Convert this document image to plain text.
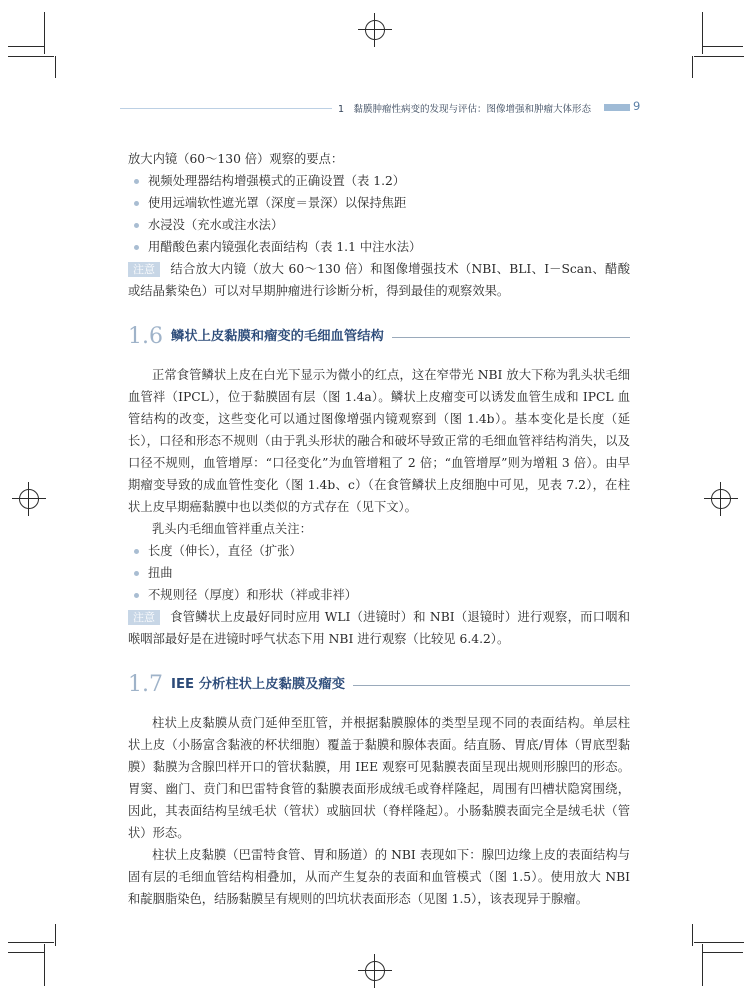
1　黏膜肿瘤性病变的发现与评估：图像增强和肿瘤大体形态	9

放大内镜（60～130 倍）观察的要点：

视频处理器结构增强模式的正确设置（表 1.2）
使用远端软性遮光罩（深度＝景深）以保持焦距
水浸没（充水或注水法）
用醋酸色素内镜强化表面结构（表 1.1 中注水法）

注意 结合放大内镜（放大 60～130 倍）和图像增强技术（NBI、BLI、I－Scan、醋酸或结晶紫染色）可以对早期肿瘤进行诊断分析，得到最佳的观察效果。

1.6 鳞状上皮黏膜和瘤变的毛细血管结构

正常食管鳞状上皮在白光下显示为微小的红点，这在窄带光 NBI 放大下称为乳头状毛细血管袢（IPCL），位于黏膜固有层（图 1.4a）。鳞状上皮瘤变可以诱发血管生成和 IPCL 血管结构的改变，这些变化可以通过图像增强内镜观察到（图 1.4b）。基本变化是长度（延长），口径和形态不规则（由于乳头形状的融合和破坏导致正常的毛细血管袢结构消失，以及口径不规则，血管增厚：“口径变化”为血管增粗了 2 倍；“血管增厚”则为增粗 3 倍）。由早期瘤变导致的成血管性变化（图 1.4b、c）（在食管鳞状上皮细胞中可见，见表 7.2），在柱状上皮早期癌黏膜中也以类似的方式存在（见下文）。

乳头内毛细血管袢重点关注：

长度（伸长），直径（扩张）
扭曲
不规则径（厚度）和形状（袢或非袢）

注意 食管鳞状上皮最好同时应用 WLI（进镜时）和 NBI（退镜时）进行观察，而口咽和喉咽部最好是在进镜时呼气状态下用 NBI 进行观察（比较见 6.4.2）。

1.7 IEE 分析柱状上皮黏膜及瘤变

柱状上皮黏膜从贲门延伸至肛管，并根据黏膜腺体的类型呈现不同的表面结构。单层柱状上皮（小肠富含黏液的杯状细胞）覆盖于黏膜和腺体表面。结直肠、胃底/胃体（胃底型黏膜）黏膜为含腺凹样开口的管状黏膜，用 IEE 观察可见黏膜表面呈现出规则形腺凹的形态。胃窦、幽门、贲门和巴雷特食管的黏膜表面形成绒毛或脊样隆起，周围有凹槽状隐窝围绕，因此，其表面结构呈绒毛状（管状）或脑回状（脊样隆起）。小肠黏膜表面完全是绒毛状（管状）形态。

柱状上皮黏膜（巴雷特食管、胃和肠道）的 NBI 表现如下：腺凹边缘上皮的表面结构与固有层的毛细血管结构相叠加，从而产生复杂的表面和血管模式（图 1.5）。使用放大 NBI 和靛胭脂染色，结肠黏膜呈有规则的凹坑状表面形态（见图 1.5），该表现异于腺瘤。
